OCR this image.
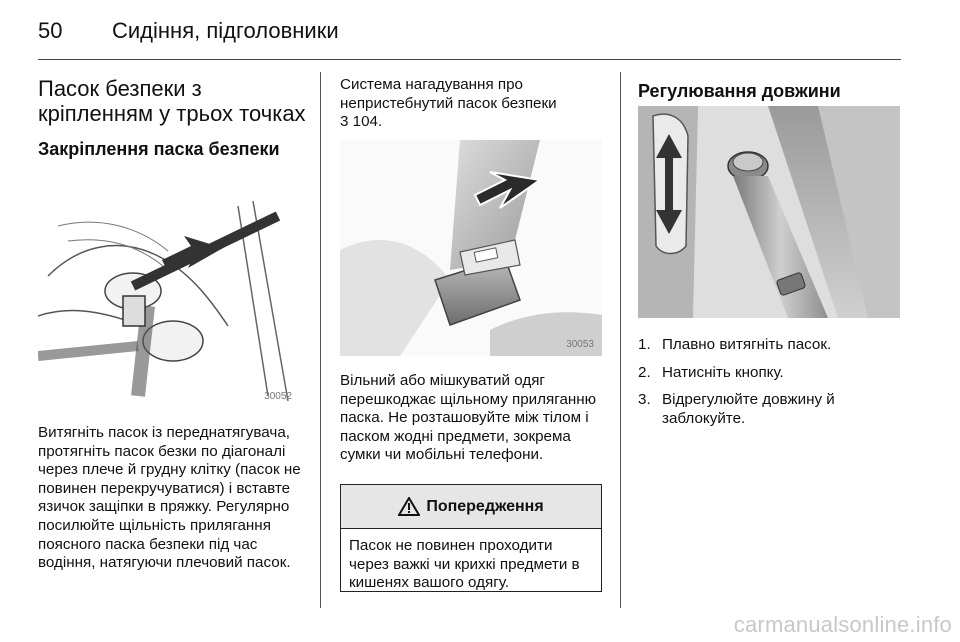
50 Сидіння, підголовники
Пасок безпеки з кріпленням у трьох точках
Закріплення паска безпеки
30052
Витягніть пасок із переднатягувача, протягніть пасок безки по діагоналі через плече й грудну клітку (пасок не повинен перекручуватися) і вставте язичок защіпки в пряжку. Регулярно посилюйте щільність прилягання поясного паска безпеки під час водіння, натягуючи плечовий пасок.
Система нагадування про непристебнутий пасок безпеки
3 104.
30053
Вільний або мішкуватий одяг перешкоджає щільному приляганню паска. Не розташовуйте між тілом і паском жодні предмети, зокрема сумки чи мобільні телефони.
Попередження
Пасок не повинен проходити через важкі чи крихкі предмети в кишенях вашого одягу.
Регулювання довжини
1. Плавно витягніть пасок.
2. Натисніть кнопку.
3. Відрегулюйте довжину й заблокуйте.
carmanualsonline.info
